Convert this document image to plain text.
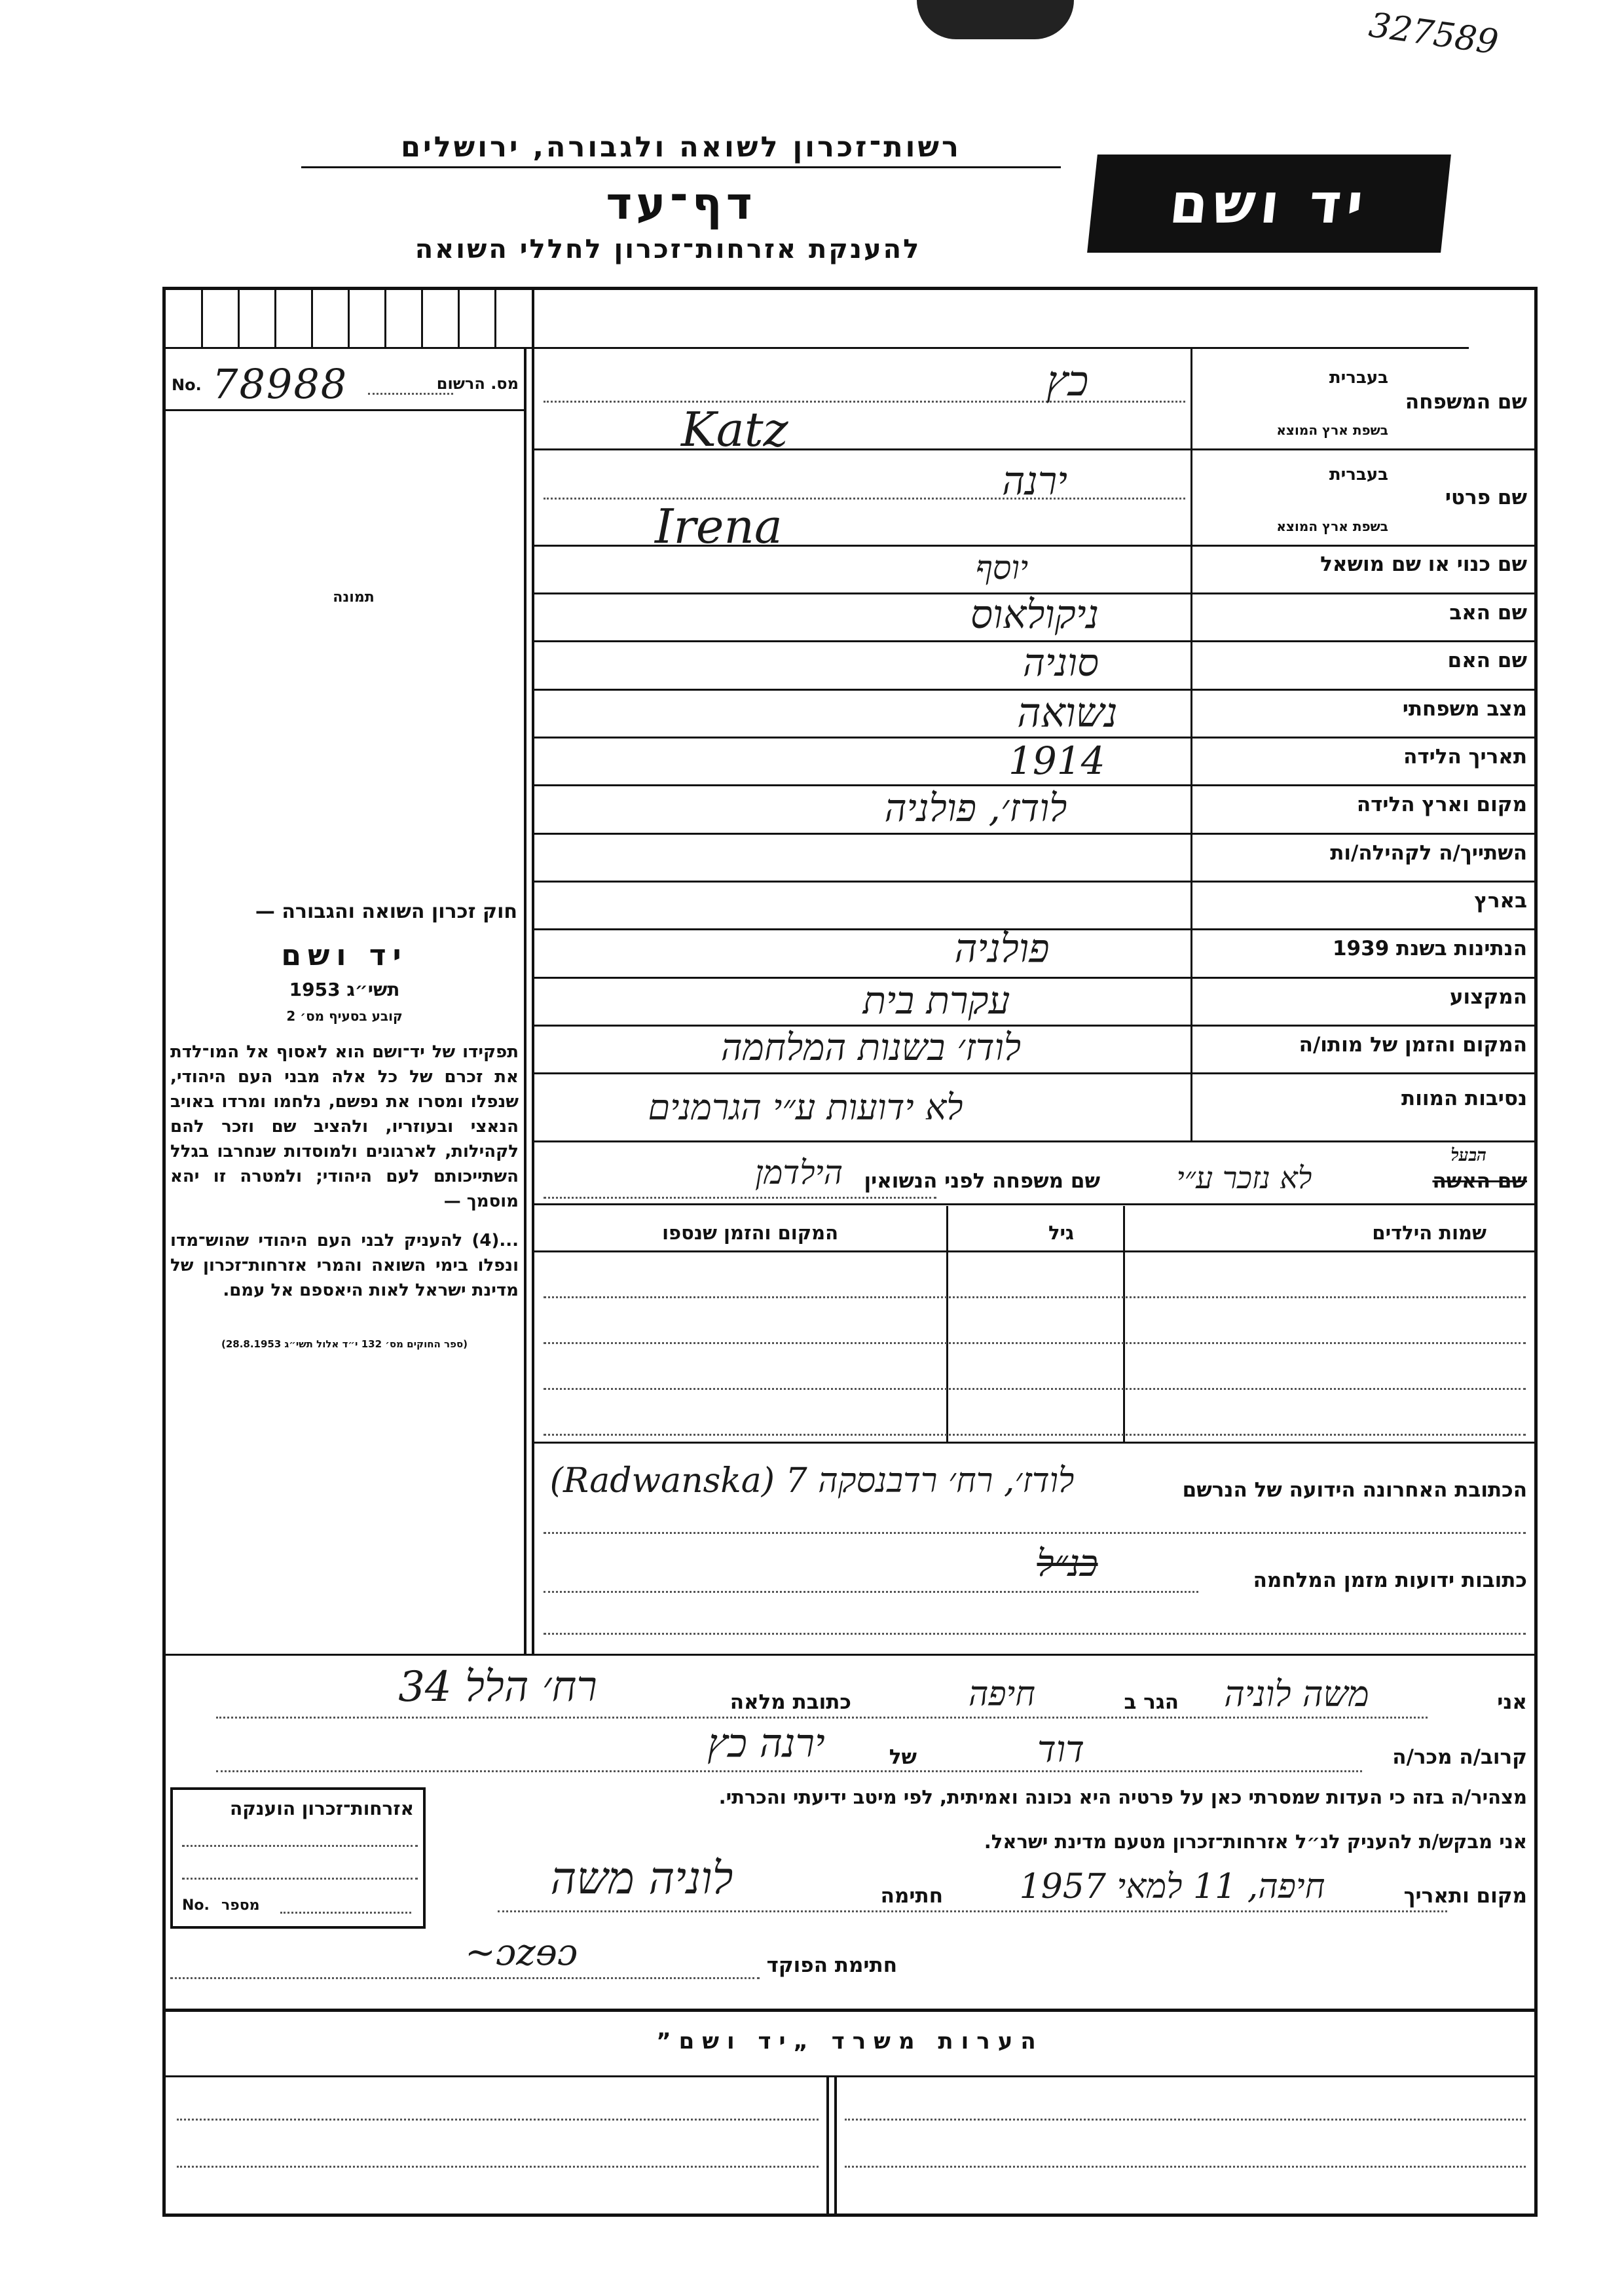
327589
רשות־זכרון לשואה ולגבורה, ירושלים
דף־עד
להענקת אזרחות־זכרון לחללי השואה
יד ושם
No. 78988	מס. הרשום
תמונה
חוק זכרון השואה והגבורה —
יד ושם
תשי״ג 1953
קובע בסעיף מס׳ 2
תפקידו של יד־ושם הוא לאסוף אל המו־לדת את זכרם של כל אלה מבני העם היהודי, שנפלו ומסרו את נפשם, נלחמו ומרדו באויב הנאצי ובעוזריו, ולהציב שם וזכר להם לקהילות, לארגונים ולמוסדות שנחרבו בגלל השתייכותם לעם היהודי; ולמטרה זו יהא מוסמך —
...(4) להעניק לבני העם היהודי שהוש־מדו ונפלו בימי השואה והמרי אזרחות־זכרון של מדינת ישראל לאות היאספם אל עמם.
(ספר החוקים מס׳ 132 י״ד אלול תשי״ג 28.8.1953)
שם המשפחה
בעברית
בשפת ארץ המוצא
שם פרטי
בעברית
בשפת ארץ המוצא
שם כנוי או שם מושאל
שם האב
שם האם
מצב משפחתי
תאריך הלידה
מקום וארץ הלידה
השתייך/ה לקהילה/ות
בארץ
הנתינות בשנת 1939
המקצוע
המקום והזמן של מותו/ה
נסיבות המוות
כץ
Katz
ירנה
Irena
יוסף
ניקולאוס
סוניה
נשואה
1914
לודז׳, פולניה
פולניה
עקרת בית
לודז׳ בשנות המלחמה
לא ידועות ע״י הגרמנים
שם האשה
הבעל
לא נזכר ע״י
שם משפחה לפני הנשואין
הילדמן
שמות הילדים
גיל
המקום והזמן שנספו
הכתובת האחרונה הידועה של הנרשם
לודז׳, רח׳ רדבנסקה 7 (Radwanska)
כתובות ידועות מזמן המלחמה
כנ״ל
אני
משה לוניה
הגר ב
חיפה
כתובת מלאה
רח׳ הלל 34
קרוב/ה מכר/ה
דוד
של
ירנה כץ
מצהיר/ה בזה כי העדות שמסרתי כאן על פרטיה היא נכונה ואמיתית, לפי מיטב ידיעתי והכרתי.
אני מבקש/ת להעניק לנ״ל אזרחות־זכרון מטעם מדינת ישראל.
מקום ותאריך
חיפה, 11 למאי 1957
חתימה
לוניה משה
חתימת הפוקד
~ɔzɘɔ
אזרחות־זכרון הוענקה
No. מספר
הערות משרד „יד ושם”
